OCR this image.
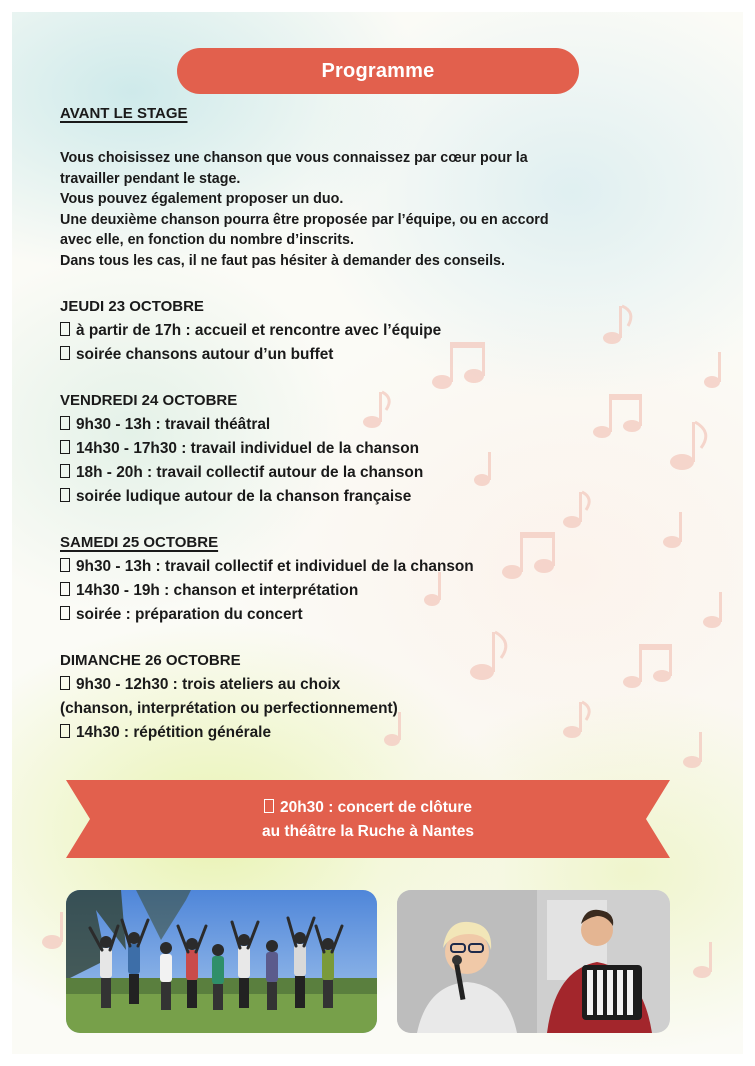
Programme
AVANT LE STAGE
Vous choisissez une chanson que vous connaissez par cœur pour la
travailler pendant le stage.
Vous pouvez également proposer un duo.
Une deuxième chanson pourra être proposée par l’équipe, ou en accord
avec elle, en fonction du nombre d’inscrits.
Dans tous les cas, il ne faut pas hésiter à demander des conseils.
JEUDI 23 OCTOBRE
à partir de 17h : accueil et rencontre avec l’équipe
soirée chansons autour d’un buffet
VENDREDI 24 OCTOBRE
9h30 - 13h : travail théâtral
14h30 - 17h30 : travail individuel de la chanson
18h - 20h : travail collectif autour de la chanson
soirée ludique autour de la chanson française
SAMEDI 25 OCTOBRE
9h30 - 13h : travail collectif et individuel de la chanson
14h30 - 19h : chanson et interprétation
soirée : préparation du concert
DIMANCHE 26 OCTOBRE
9h30 - 12h30 : trois ateliers au choix
(chanson, interprétation ou perfectionnement)
14h30 : répétition générale
20h30 : concert de clôture
au théâtre la Ruche à Nantes
